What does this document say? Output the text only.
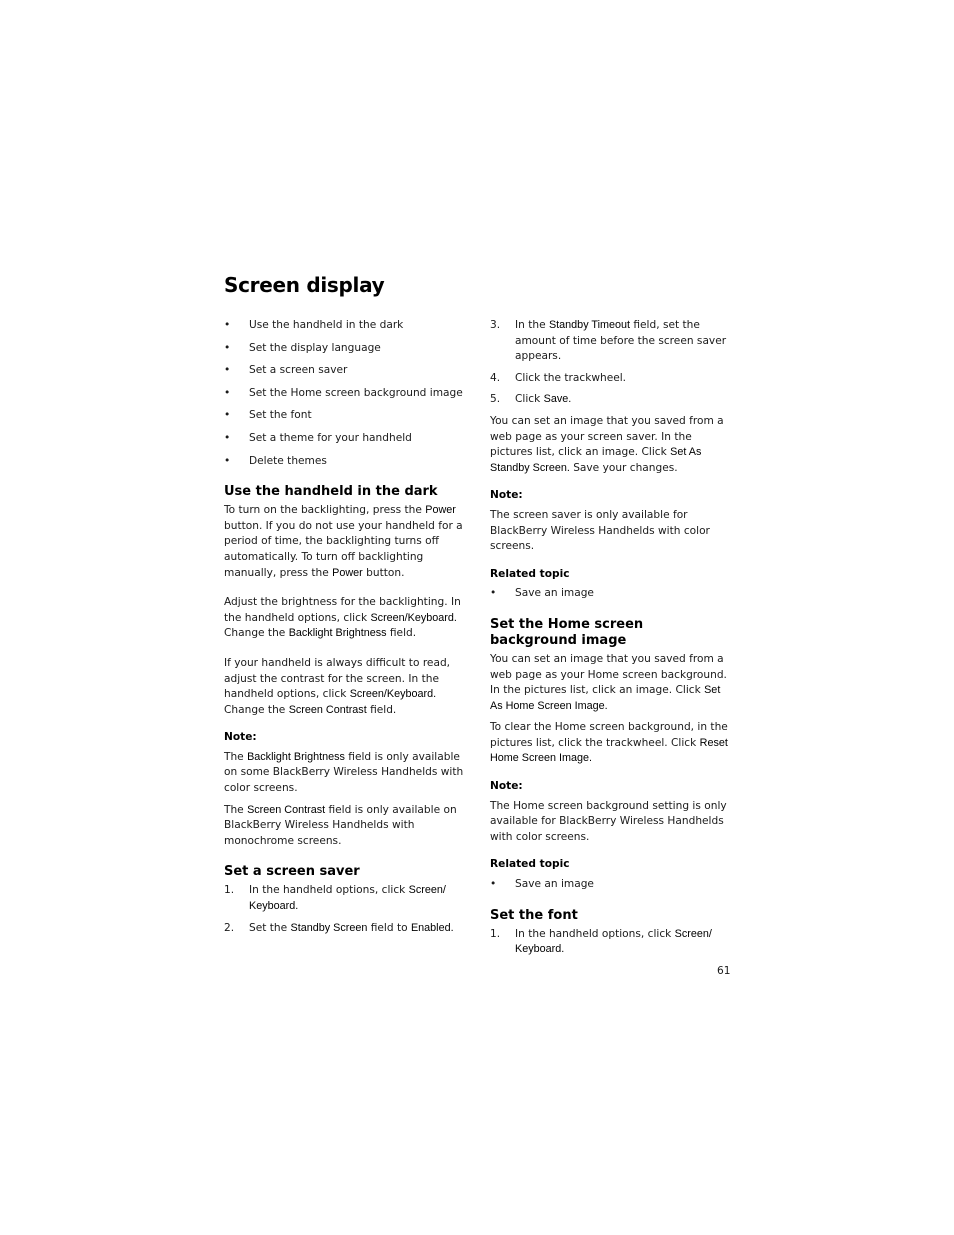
Screen display
• Use the handheld in the dark
• Set the display language
• Set a screen saver
• Set the Home screen background image
• Set the font
• Set a theme for your handheld
• Delete themes
Use the handheld in the dark

To turn on the backlighting, press the Power button. If you do not use your handheld for a period of time, the backlighting turns off automatically. To turn off backlighting manually, press the Power button.

Adjust the brightness for the backlighting. In the handheld options, click Screen/Keyboard. Change the Backlight Brightness field.

If your handheld is always difficult to read, adjust the contrast for the screen. In the handheld options, click Screen/Keyboard. Change the Screen Contrast field.

Note:

The Backlight Brightness field is only available on some BlackBerry Wireless Handhelds with color screens.

The Screen Contrast field is only available on BlackBerry Wireless Handhelds with monochrome screens.

Set a screen saver
1. In the handheld options, click Screen/ Keyboard.
2. Set the Standby Screen field to Enabled.
3. In the Standby Timeout field, set the amount of time before the screen saver appears.
4. Click the trackwheel.
5. Click Save.

You can set an image that you saved from a web page as your screen saver. In the pictures list, click an image. Click Set As Standby Screen. Save your changes.

Note:

The screen saver is only available for BlackBerry Wireless Handhelds with color screens.

Related topic
• Save an image
Set the Home screen background image

You can set an image that you saved from a web page as your Home screen background. In the pictures list, click an image. Click Set As Home Screen Image.

To clear the Home screen background, in the pictures list, click the trackwheel. Click Reset Home Screen Image.

Note:

The Home screen background setting is only available for BlackBerry Wireless Handhelds with color screens.

Related topic
• Save an image
Set the font
1. In the handheld options, click Screen/ Keyboard.
61
